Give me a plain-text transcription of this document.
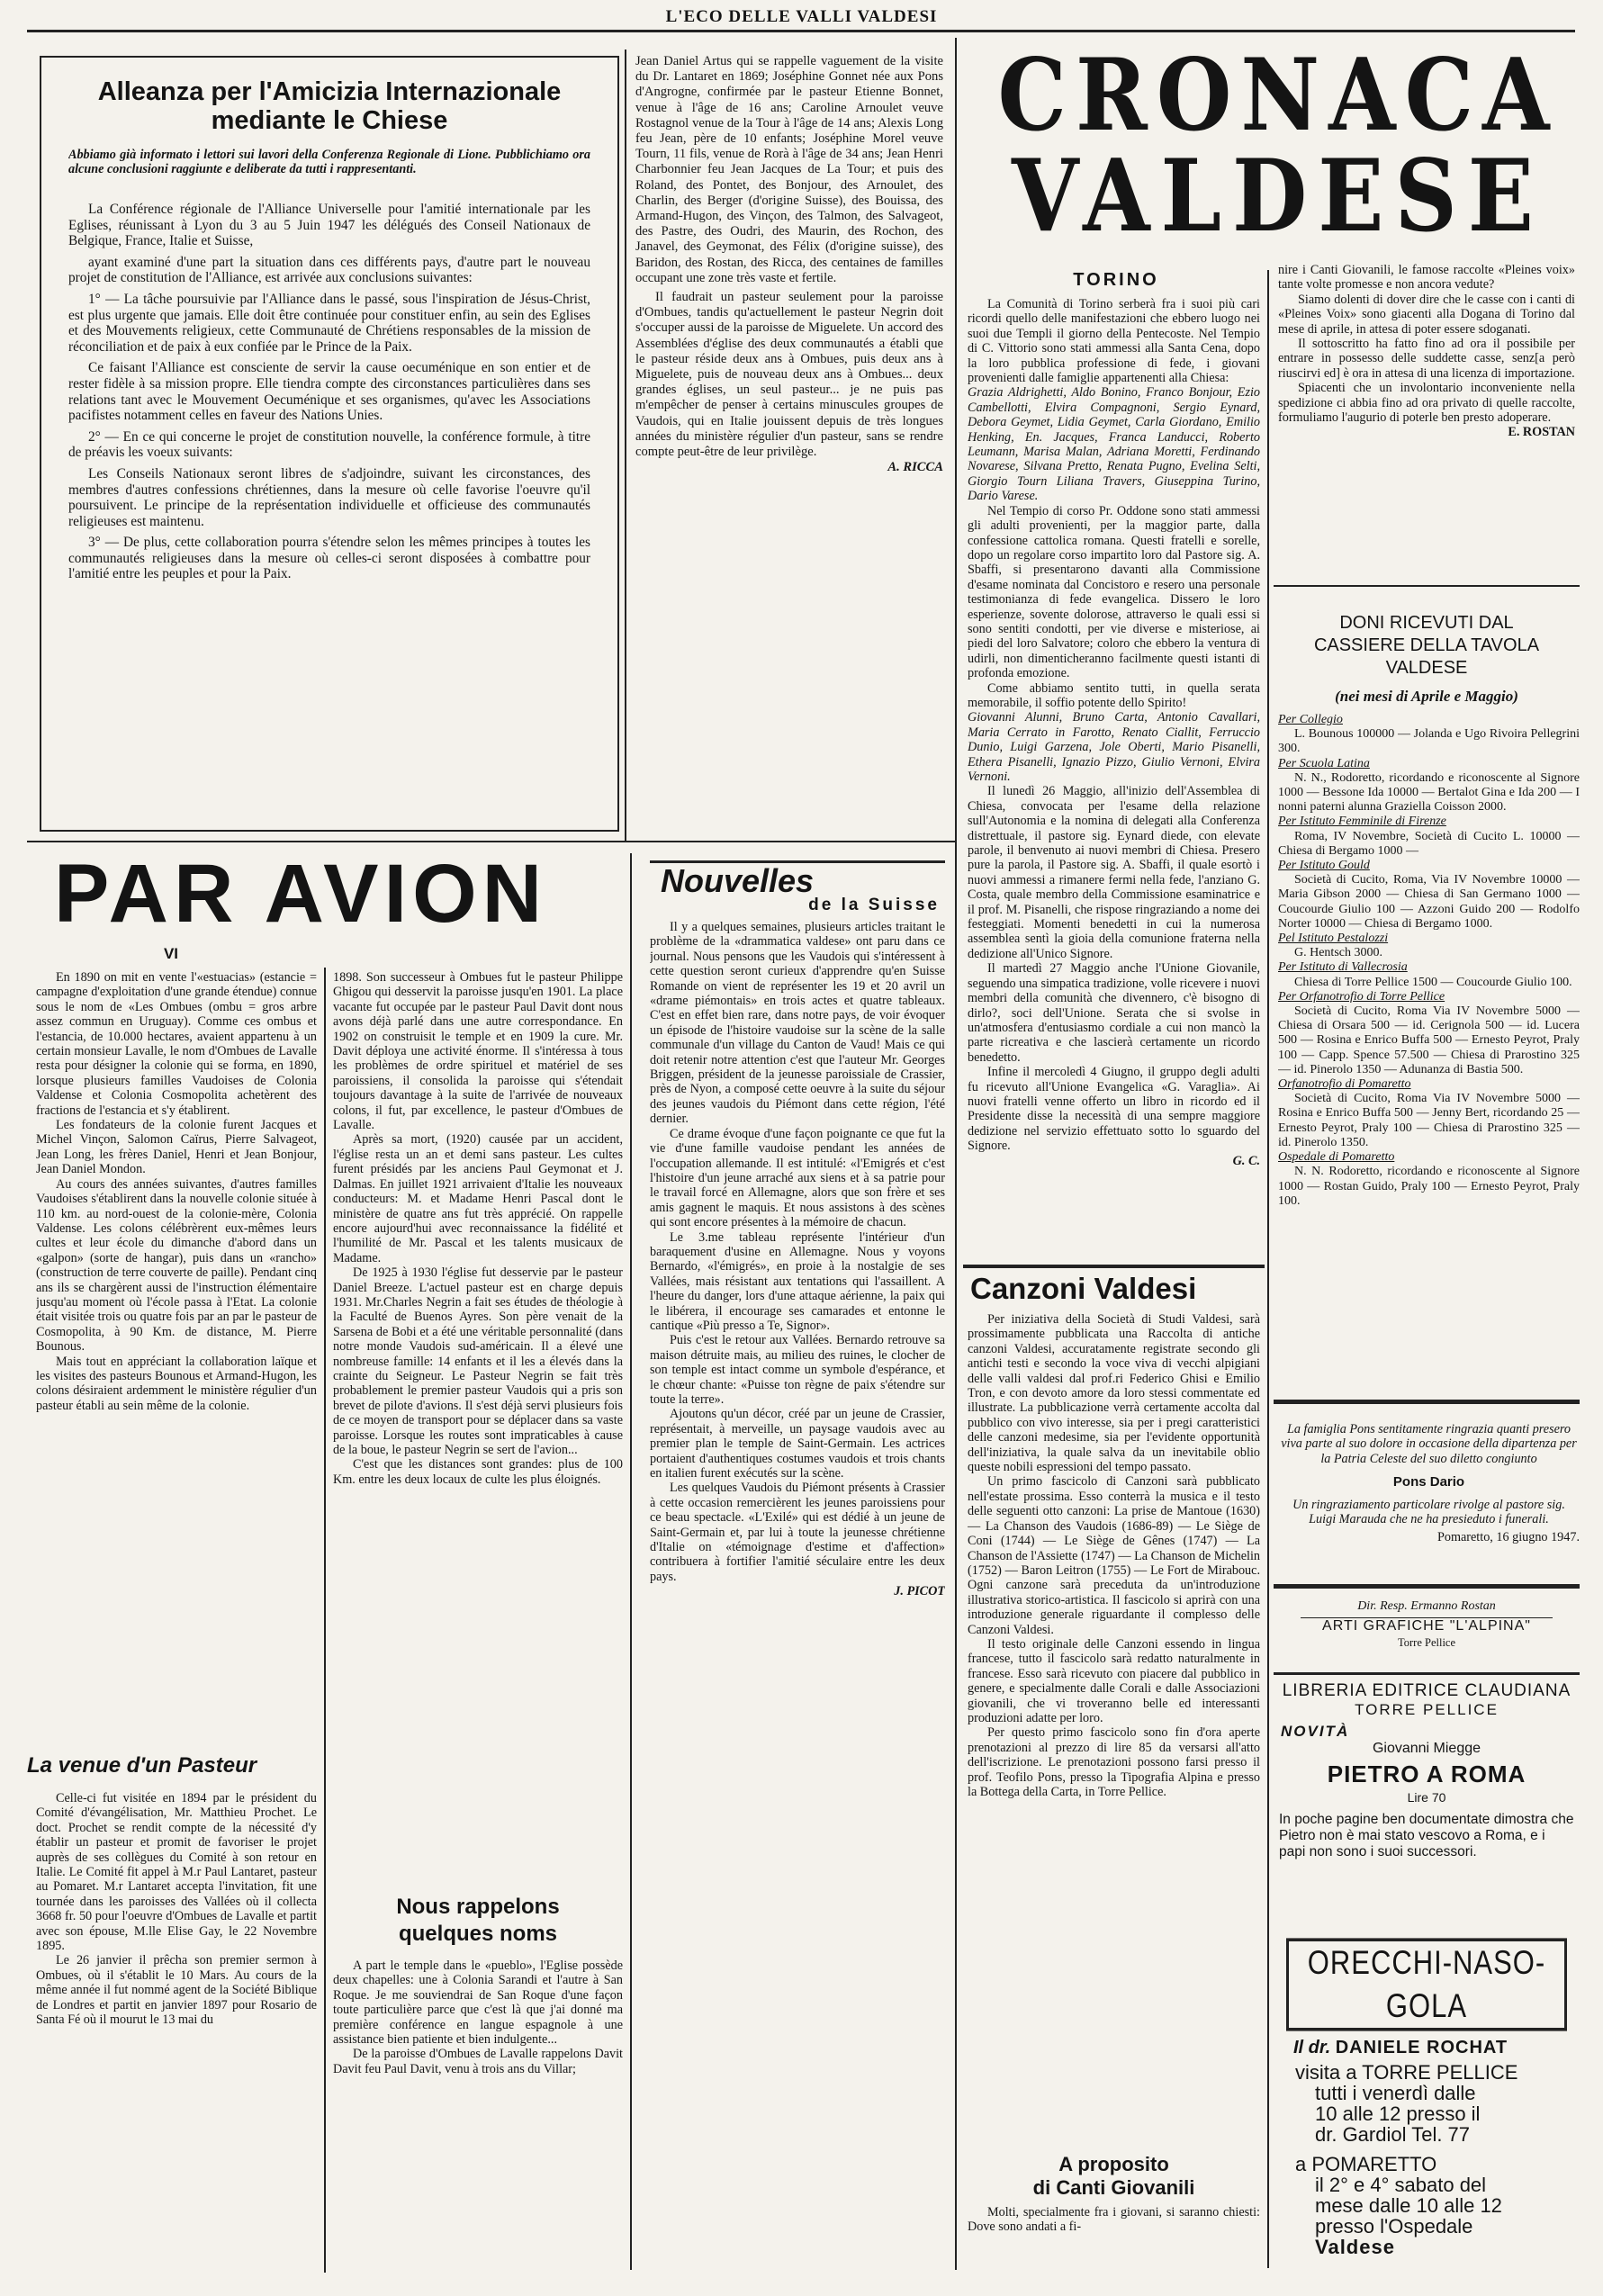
L'ECO DELLE VALLI VALDESI
Alleanza per l'Amicizia Internazionale
mediante le Chiese
Abbiamo già informato i lettori sui lavori della Conferenza Regionale di Lione. Pubblichiamo ora alcune conclusioni raggiunte e deliberate da tutti i rappresentanti.

La Conférence régionale de l'Alliance Universelle pour l'amitié internationale par les Eglises, réunissant à Lyon du 3 au 5 Juin 1947 les délégués des Conseil Nationaux de Belgique, France, Italie et Suisse,

ayant examiné d'une part la situation dans ces différents pays, d'autre part le nouveau projet de constitution de l'Alliance, est arrivée aux conclusions suivantes:

1° — La tâche poursuivie par l'Alliance dans le passé, sous l'inspiration de Jésus-Christ, est plus urgente que jamais. Elle doit être continuée pour constituer enfin, au sein des Eglises et des Mouvements religieux, cette Communauté de Chrétiens responsables de la mission de réconciliation et de paix à eux confiée par le Prince de la Paix.

Ce faisant l'Alliance est consciente de servir la cause oecuménique en son entier et de rester fidèle à sa mission propre. Elle tiendra compte des circonstances particulières dans ses relations tant avec le Mouvement Oecuménique et ses organismes, qu'avec les Associations pacifistes notamment celles en faveur des Nations Unies.

2° — En ce qui concerne le projet de constitution nouvelle, la conférence formule, à titre de préavis les voeux suivants:

Les Conseils Nationaux seront libres de s'adjoindre, suivant les circonstances, des membres d'autres confessions chrétiennes, dans la mesure où celle favorise l'oeuvre qu'il poursuivent. Le principe de la représentation individuelle et officieuse des communautés religieuses est maintenu.

3° — De plus, cette collaboration pourra s'étendre selon les mêmes principes à toutes les communautés religieuses dans la mesure où celles-ci seront disposées à combattre pour l'amitié entre les peuples et pour la Paix.

Jean Daniel Artus qui se rappelle vaguement de la visite du Dr. Lantaret en 1869; Joséphine Gonnet née aux Pons d'Angrogne, confirmée par le pasteur Etienne Bonnet, venue à l'âge de 16 ans; Caroline Arnoulet veuve Rostagnol venue de la Tour à l'âge de 14 ans; Alexis Long feu Jean, père de 10 enfants; Joséphine Morel veuve Tourn, 11 fils, venue de Rorà à l'âge de 34 ans; Jean Henri Charbonnier feu Jean Jacques de La Tour; et puis des Roland, des Pontet, des Bonjour, des Arnoulet, des Charlin, des Berger (d'origine Suisse), des Bouissa, des Armand-Hugon, des Vinçon, des Talmon, des Salvageot, des Pastre, des Oudri, des Maurin, des Rochon, des Janavel, des Geymonat, des Félix (d'origine suisse), des Baridon, des Rostan, des Ricca, des centaines de familles occupant une zone très vaste et fertile.

Il faudrait un pasteur seulement pour la paroisse d'Ombues, tandis qu'actuellement le pasteur Negrin doit s'occuper aussi de la paroisse de Miguelete. Un accord des Assemblées d'église des deux communautés a établi que le pasteur réside deux ans à Ombues, puis deux ans à Miguelete, puis de nouveau deux ans à Ombues... deux grandes églises, un seul pasteur... je ne puis pas m'empêcher de penser à certains minuscules groupes de Vaudois, qui en Italie jouissent depuis de très longues années du ministère régulier d'un pasteur, sans se rendre compte peut-être de leur privilège.

A. RICCA
PAR AVION
VI

En 1890 on mit en vente l'«estuacias» (estancie = campagne d'exploitation d'une grande étendue) connue sous le nom de «Les Ombues (ombu = gros arbre assez commun en Uruguay). Comme ces ombus et l'estancia, de 10.000 hectares, avaient appartenu à un certain monsieur Lavalle, le nom d'Ombues de Lavalle resta pour désigner la colonie qui se forma, en 1890, lorsque plusieurs familles Vaudoises de Colonia Valdense et Colonia Cosmopolita achetèrent des fractions de l'estancia et s'y établirent.

Les fondateurs de la colonie furent Jacques et Michel Vinçon, Salomon Caïrus, Pierre Salvageot, Jean Long, les frères Daniel, Henri et Jean Bonjour, Jean Daniel Mondon.

Au cours des années suivantes, d'autres familles Vaudoises s'établirent dans la nouvelle colonie située à 110 km. au nord-ouest de la colonie-mère, Colonia Valdense. Les colons célébrèrent eux-mêmes leurs cultes et leur école du dimanche d'abord dans un «galpon» (sorte de hangar), puis dans un «rancho» (construction de terre couverte de paille). Pendant cinq ans ils se chargèrent aussi de l'instruction élémentaire jusqu'au moment où l'école passa à l'Etat. La colonie était visitée trois ou quatre fois par an par le pasteur de Cosmopolita, à 90 Km. de distance, M. Pierre Bounous.

Mais tout en appréciant la collaboration laïque et les visites des pasteurs Bounous et Armand-Hugon, les colons désiraient ardemment le ministère régulier d'un pasteur établi au sein même de la colonie.

La venue d'un Pasteur

Celle-ci fut visitée en 1894 par le président du Comité d'évangélisation, Mr. Matthieu Prochet. Le doct. Prochet se rendit compte de la nécessité d'y établir un pasteur et promit de favoriser le projet auprès de ses collègues du Comité à son retour en Italie. Le Comité fit appel à M.r Paul Lantaret, pasteur au Pomaret. M.r Lantaret accepta l'invitation, fit une tournée dans les paroisses des Vallées où il collecta 3668 fr. 50 pour l'oeuvre d'Ombues de Lavalle et partit avec son épouse, M.lle Elise Gay, le 22 Novembre 1895.

Le 26 janvier il prêcha son premier sermon à Ombues, où il s'établit le 10 Mars. Au cours de la même année il fut nommé agent de la Société Biblique de Londres et partit en janvier 1897 pour Rosario de Santa Fé où il mourut le 13 mai du

1898. Son successeur à Ombues fut le pasteur Philippe Ghigou qui desservit la paroisse jusqu'en 1901. La place vacante fut occupée par le pasteur Paul Davit dont nous avons déjà parlé dans une autre correspondance. En 1902 on construisit le temple et en 1909 la cure. Mr. Davit déploya une activité énorme. Il s'intéressa à tous les problèmes de ordre spirituel et matériel de ses paroissiens, il consolida la paroisse qui s'étendait toujours davantage à la suite de l'arrivée de nouveaux colons, il fut, par excellence, le pasteur d'Ombues de Lavalle.

Après sa mort, (1920) causée par un accident, l'église resta un an et demi sans pasteur. Les cultes furent présidés par les anciens Paul Geymonat et J. Dalmas. En juillet 1921 arrivaient d'Italie les nouveaux conducteurs: M. et Madame Henri Pascal dont le ministère de quatre ans fut très apprécié. On rappelle encore aujourd'hui avec reconnaissance la fidélité et l'humilité de Mr. Pascal et les talents musicaux de Madame.

De 1925 à 1930 l'église fut desservie par le pasteur Daniel Breeze. L'actuel pasteur est en charge depuis 1931. Mr.Charles Negrin a fait ses études de théologie à la Faculté de Buenos Ayres. Son père venait de la Sarsena de Bobi et a été une véritable personnalité (dans notre monde Vaudois sud-américain. Il a élevé une nombreuse famille: 14 enfants et il les a élevés dans la crainte du Seigneur. Le Pasteur Negrin se fait très probablement le premier pasteur Vaudois qui a pris son brevet de pilote d'avions. Il s'est déjà servi plusieurs fois de ce moyen de transport pour se déplacer dans sa vaste paroisse. Lorsque les routes sont impraticables à cause de la boue, le pasteur Negrin se sert de l'avion...

C'est que les distances sont grandes: plus de 100 Km. entre les deux locaux de culte les plus éloignés.

Nous rappelons
quelques noms

A part le temple dans le «pueblo», l'Eglise possède deux chapelles: une à Colonia Sarandi et l'autre à San Roque. Je me souviendrai de San Roque d'une façon toute particulière parce que c'est là que j'ai donné ma première conférence en langue espagnole à une assistance bien patiente et bien indulgente...

De la paroisse d'Ombues de Lavalle rappelons Davit Davit feu Paul Davit, venu à trois ans du Villar;

Nouvelles
de la Suisse

Il y a quelques semaines, plusieurs articles traitant le problème de la «drammatica valdese» ont paru dans ce journal. Nous pensons que les Vaudois qui s'intéressent à cette question seront curieux d'apprendre qu'en Suisse Romande on vient de représenter les 19 et 20 avril un «drame piémontais» en trois actes et quatre tableaux. C'est en effet bien rare, dans notre pays, de voir évoquer un épisode de l'histoire vaudoise sur la scène de la salle communale d'un village du Canton de Vaud! Mais ce qui doit retenir notre attention c'est que l'auteur Mr. Georges Briggen, président de la jeunesse paroissiale de Crassier, près de Nyon, a composé cette oeuvre à la suite du séjour des jeunes vaudois du Piémont dans cette région, l'été dernier.

Ce drame évoque d'une façon poignante ce que fut la vie d'une famille vaudoise pendant les années de l'occupation allemande. Il est intitulé: «l'Emigrés et c'est l'histoire d'un jeune arraché aux siens et à sa patrie pour le travail forcé en Allemagne, alors que son frère et ses amis gagnent le maquis. Et nous assistons à des scènes qui sont encore présentes à la mémoire de chacun.

Le 3.me tableau représente l'intérieur d'un baraquement d'usine en Allemagne. Nous y voyons Bernardo, «l'émigrés», en proie à la nostalgie de ses Vallées, mais résistant aux tentations qui l'assaillent. A l'heure du danger, lors d'une attaque aérienne, la paix qui le libérera, il encourage ses camarades et entonne le cantique «Più presso a Te, Signor».

Puis c'est le retour aux Vallées. Bernardo retrouve sa maison détruite mais, au milieu des ruines, le clocher de son temple est intact comme un symbole d'espérance, et le chœur chante: «Puisse ton règne de paix s'étendre sur toute la terre».

Ajoutons qu'un décor, créé par un jeune de Crassier, représentait, à merveille, un paysage vaudois avec au premier plan le temple de Saint-Germain. Les actrices portaient d'authentiques costumes vaudois et trois chants en italien furent exécutés sur la scène.

Les quelques Vaudois du Piémont présents à Crassier à cette occasion remercièrent les jeunes paroissiens pour ce beau spectacle. «L'Exilé» qui est dédié à un jeune de Saint-Germain et, par lui à toute la jeunesse chrétienne d'Italie on «témoignage d'estime et d'affection» contribuera à fortifier l'amitié séculaire entre les deux pays.

J. PICOT
CRONACA
VALDESE
TORINO

La Comunità di Torino serberà fra i suoi più cari ricordi quello delle manifestazioni che ebbero luogo nei suoi due Templi il giorno della Pentecoste. Nel Tempio di C. Vittorio sono stati ammessi alla Santa Cena, dopo la loro pubblica professione di fede, i giovani provenienti dalle famiglie appartenenti alla Chiesa:

Grazia Aldrighetti, Aldo Bonino, Franco Bonjour, Ezio Cambellotti, Elvira Compagnoni, Sergio Eynard, Debora Geymet, Lidia Geymet, Carla Giordano, Emilio Henking, En. Jacques, Franca Landucci, Roberto Leumann, Marisa Malan, Adriana Moretti, Ferdinando Novarese, Silvana Pretto, Renata Pugno, Evelina Selti, Giorgio Tourn Liliana Travers, Giuseppina Turino, Dario Varese.

Nel Tempio di corso Pr. Oddone sono stati ammessi gli adulti provenienti, per la maggior parte, dalla confessione cattolica romana. Questi fratelli e sorelle, dopo un regolare corso impartito loro dal Pastore sig. A. Sbaffi, si presentarono davanti alla Commissione d'esame nominata dal Concistoro e resero una personale testimonianza di fede evangelica. Dissero le loro esperienze, sovente dolorose, attraverso le quali essi si sono sentiti condotti, per vie diverse e misteriose, ai piedi del loro Salvatore; coloro che ebbero la ventura di udirli, non dimenticheranno facilmente questi istanti di profonda emozione.

Come abbiamo sentito tutti, in quella serata memorabile, il soffio potente dello Spirito!

Giovanni Alunni, Bruno Carta, Antonio Cavallari, Maria Cerrato in Farotto, Renato Ciallit, Ferruccio Dunio, Luigi Garzena, Jole Oberti, Mario Pisanelli, Ethera Pisanelli, Ignazio Pizzo, Giulio Vernoni, Elvira Vernoni.

Il lunedì 26 Maggio, all'inizio dell'Assemblea di Chiesa, convocata per l'esame della relazione sull'Autonomia e la nomina di delegati alla Conferenza distrettuale, il pastore sig. Eynard diede, con elevate parole, il benvenuto ai nuovi membri di Chiesa. Presero pure la parola, il Pastore sig. A. Sbaffi, il quale esortò i nuovi ammessi a rimanere fermi nella fede, l'anziano G. Costa, quale membro della Commissione esaminatrice e il prof. M. Pisanelli, che rispose ringraziando a nome dei festeggiati. Momenti benedetti in cui la numerosa assemblea sentì la gioia della comunione fraterna nella dedizione all'Unico Signore.

Il martedì 27 Maggio anche l'Unione Giovanile, seguendo una simpatica tradizione, volle ricevere i nuovi membri della comunità che divennero, c'è bisogno di dirlo?, soci dell'Unione. Serata che si svolse in un'atmosfera d'entusiasmo cordiale a cui non mancò la parte ricreativa e che lascierà certamente un ricordo benedetto.

Infine il mercoledì 4 Giugno, il gruppo degli adulti fu ricevuto all'Unione Evangelica «G. Varaglia». Ai nuovi fratelli venne offerto un libro in ricordo ed il Presidente disse la necessità di una sempre maggiore dedizione nel servizio effettuato sotto lo sguardo del Signore.

G. C.

nire i Canti Giovanili, le famose raccolte «Pleines voix» tante volte promesse e non ancora vedute?

Siamo dolenti di dover dire che le casse con i canti di «Pleines Voix» sono giacenti alla Dogana di Torino dal mese di aprile, in attesa di poter essere sdoganati.

Il sottoscritto ha fatto fino ad ora il possibile per entrare in possesso delle suddette casse, senz[a però riuscirvi ed] è ora in attesa di una licenza di importazione.

Spiacenti che un involontario inconveniente nella spedizione ci abbia fino ad ora privato di quelle raccolte, formuliamo l'augurio di poterle ben presto adoperare.

E. ROSTAN
DONI RICEVUTI DAL
CASSIERE DELLA TAVOLA
VALDESE
(nei mesi di Aprile e Maggio)
Per Collegio
L. Bounous 100000 — Jolanda e Ugo Rivoira Pellegrini 300.
Per Scuola Latina
N. N., Rodoretto, ricordando e riconoscente al Signore 1000 — Bessone Ida 10000 — Bertalot Gina e Ida 200 — I nonni paterni alunna Graziella Coisson 2000.
Per Istituto Femminile di Firenze
Roma, IV Novembre, Società di Cucito L. 10000 — Chiesa di Bergamo 1000 —
Per Istituto Gould
Società di Cucito, Roma, Via IV Novembre 10000 — Maria Gibson 2000 — Chiesa di San Germano 1000 — Coucourde Giulio 100 — Azzoni Guido 200 — Rodolfo Norter 10000 — Chiesa di Bergamo 1000.
Pel Istituto Pestalozzi
G. Hentsch 3000.
Per Istituto di Vallecrosia
Chiesa di Torre Pellice 1500 — Coucourde Giulio 100.
Per Orfanotrofio di Torre Pellice
Società di Cucito, Roma Via IV Novembre 5000 — Chiesa di Orsara 500 — id. Cerignola 500 — id. Lucera 500 — Rosina e Enrico Buffa 500 — Ernesto Peyrot, Praly 100 — Capp. Spence 57.500 — Chiesa di Prarostino 325 — id. Pinerolo 1350 — Adunanza di Bastia 500.
Orfanotrofio di Pomaretto
Società di Cucito, Roma Via IV Novembre 5000 — Rosina e Enrico Buffa 500 — Jenny Bert, ricordando 25 — Ernesto Peyrot, Praly 100 — Chiesa di Prarostino 325 — id. Pinerolo 1350.
Ospedale di Pomaretto
N. N. Rodoretto, ricordando e riconoscente al Signore 1000 — Rostan Guido, Praly 100 — Ernesto Peyrot, Praly 100.
La famiglia Pons sentitamente ringrazia quanti presero viva parte al suo dolore in occasione della dipartenza per la Patria Celeste del suo diletto congiunto
Pons Dario
Un ringraziamento particolare rivolge al pastore sig. Luigi Marauda che ne ha presieduto i funerali.
Pomaretto, 16 giugno 1947.
Dir. Resp. Ermanno Rostan
ARTI GRAFICHE "L'ALPINA"
Torre Pellice
LIBRERIA EDITRICE CLAUDIANA
TORRE PELLICE
NOVITÀ
Giovanni Miegge
PIETRO A ROMA
Lire 70
In poche pagine ben documentate dimostra che Pietro non è mai stato vescovo a Roma, e i papi non sono i suoi successori.
ORECCHI-NASO-GOLA
Il dr. DANIELE ROCHAT
visita a TORRE PELLICE
tutti i venerdì dalle
10 alle 12 presso il
dr. Gardiol Tel. 77
a POMARETTO
il 2° e 4° sabato del
mese dalle 10 alle 12
presso l'Ospedale
Valdese
Canzoni Valdesi

Per iniziativa della Società di Studi Valdesi, sarà prossimamente pubblicata una Raccolta di antiche canzoni Valdesi, accuratamente registrate secondo gli antichi testi e secondo la voce viva di vecchi alpigiani delle valli valdesi dal prof.ri Federico Ghisi e Emilio Tron, e con devoto amore da loro stessi commentate ed illustrate. La pubblicazione verrà certamente accolta dal pubblico con vivo interesse, sia per i pregi caratteristici delle canzoni medesime, sia per l'evidente opportunità dell'iniziativa, la quale salva da un inevitabile oblio queste nobili espressioni del tempo passato.

Un primo fascicolo di Canzoni sarà pubblicato nell'estate prossima. Esso conterrà la musica e il testo delle seguenti otto canzoni: La prise de Mantoue (1630) — La Chanson des Vaudois (1686-89) — Le Siège de Coni (1744) — Le Siège de Gênes (1747) — La Chanson de l'Assiette (1747) — La Chanson de Michelin (1752) — Baron Leitron (1755) — Le Fort de Mirabouc. Ogni canzone sarà preceduta da un'introduzione illustrativa storico-artistica. Il fascicolo si aprirà con una introduzione generale riguardante il complesso delle Canzoni Valdesi.

Il testo originale delle Canzoni essendo in lingua francese, tutto il fascicolo sarà redatto naturalmente in francese. Esso sarà ricevuto con piacere dal pubblico in genere, e specialmente dalle Corali e dalle Associazioni giovanili, che vi troveranno belle ed interessanti produzioni adatte per loro.

Per questo primo fascicolo sono fin d'ora aperte prenotazioni al prezzo di lire 85 da versarsi all'atto dell'iscrizione. Le prenotazioni possono farsi presso il prof. Teofilo Pons, presso la Tipografia Alpina e presso la Bottega della Carta, in Torre Pellice.

A proposito
di Canti Giovanili

Molti, specialmente fra i giovani, si saranno chiesti: Dove sono andati a fi-
